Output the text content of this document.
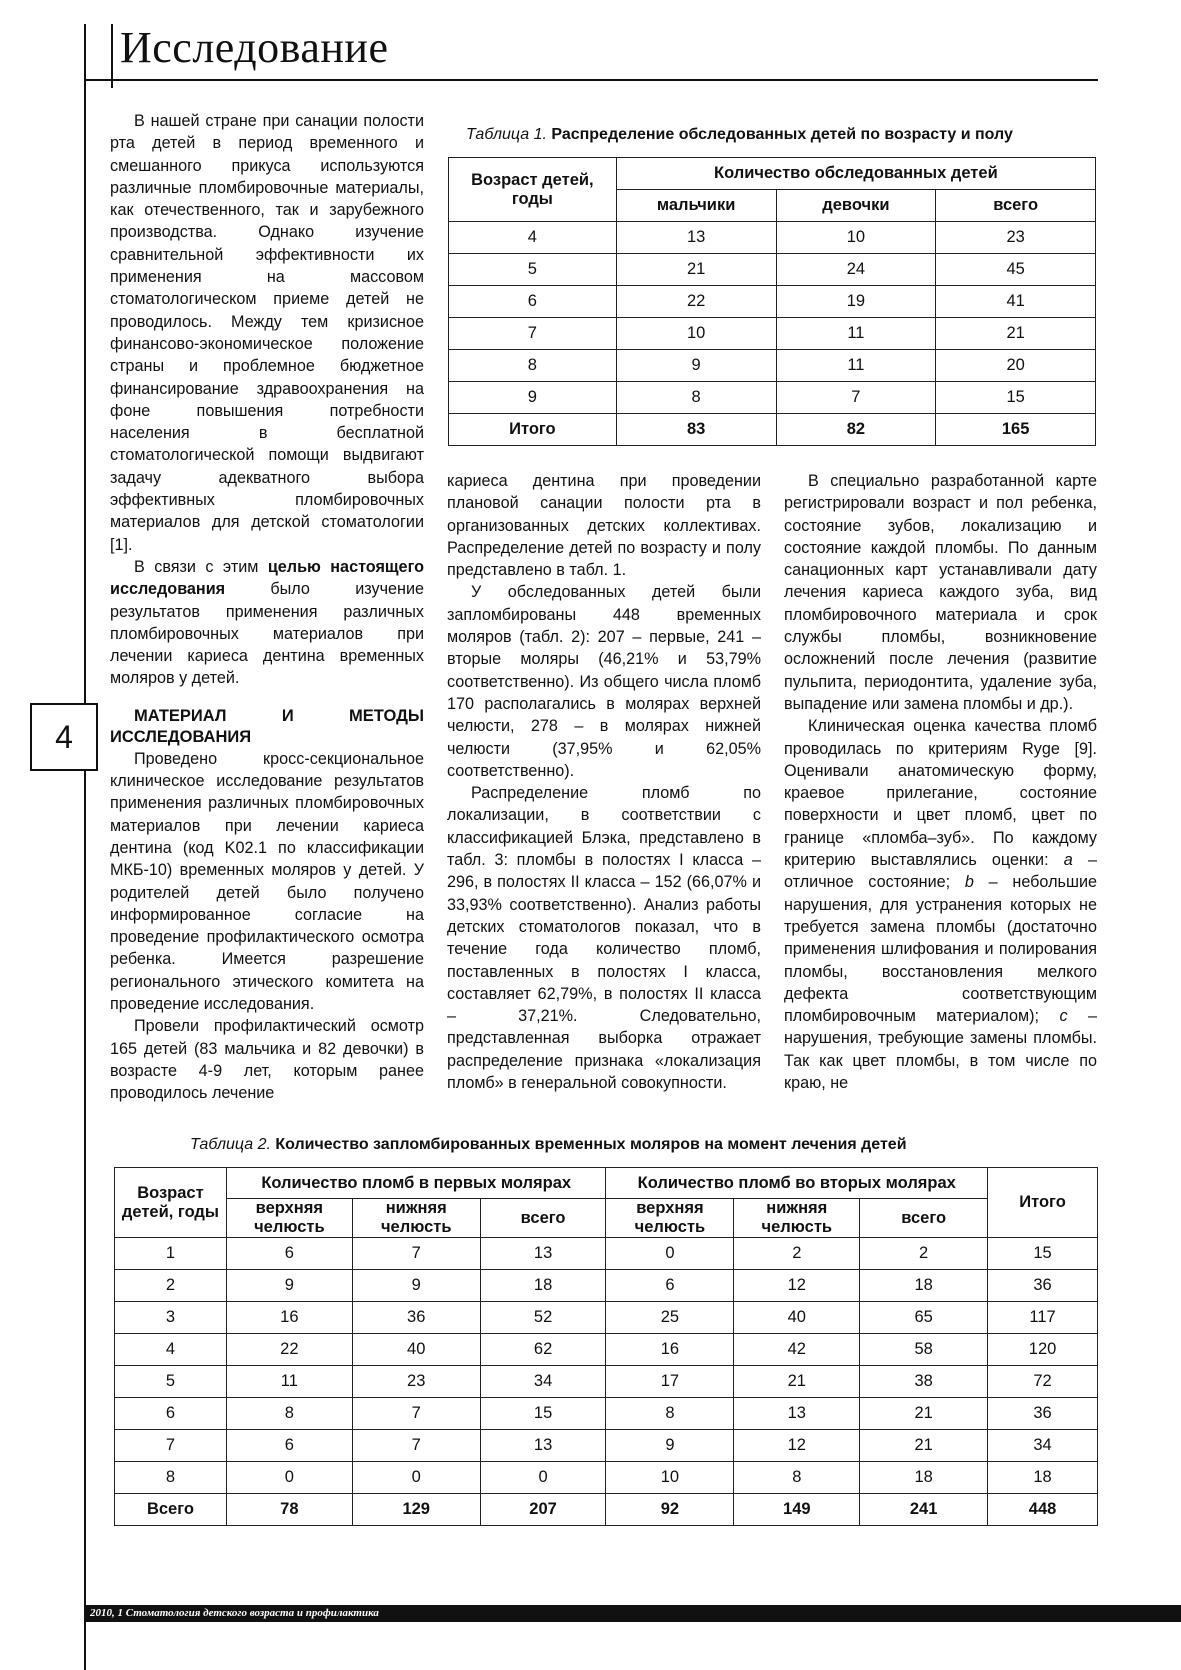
Исследование
4

В нашей стране при санации полости рта детей в период временного и смешанного прикуса используются различные пломбировочные материалы, как отечественного, так и зарубежного производства. Однако изучение сравнительной эффективности их применения на массовом стоматологическом приеме детей не проводилось. Между тем кризисное финансово-экономическое положение страны и проблемное бюджетное финансирование здравоохранения на фоне повышения потребности населения в бесплатной стоматологической помощи выдвигают задачу адекватного выбора эффективных пломбировочных материалов для детской стоматологии [1].

В связи с этим целью настоящего исследования было изучение результатов применения различных пломбировочных материалов при лечении кариеса дентина временных моляров у детей.

МАТЕРИАЛ И МЕТОДЫ ИССЛЕДОВАНИЯ

Проведено кросс-секциональное клиническое исследование результатов применения различных пломбировочных материалов при лечении кариеса дентина (код K02.1 по классификации МКБ-10) временных моляров у детей. У родителей детей было получено информированное согласие на проведение профилактического осмотра ребенка. Имеется разрешение регионального этического комитета на проведение исследования.

Провели профилактический осмотр 165 детей (83 мальчика и 82 девочки) в возрасте 4-9 лет, которым ранее проводилось лечение

кариеса дентина при проведении плановой санации полости рта в организованных детских коллективах. Распределение детей по возрасту и полу представлено в табл. 1.

У обследованных детей были запломбированы 448 временных моляров (табл. 2): 207 – первые, 241 – вторые моляры (46,21% и 53,79% соответственно). Из общего числа пломб 170 располагались в молярах верхней челюсти, 278 – в молярах нижней челюсти (37,95% и 62,05% соответственно).

Распределение пломб по локализации, в соответствии с классификацией Блэка, представлено в табл. 3: пломбы в полостях I класса – 296, в полостях II класса – 152 (66,07% и 33,93% соответственно). Анализ работы детских стоматологов показал, что в течение года количество пломб, поставленных в полостях I класса, составляет 62,79%, в полостях II класса – 37,21%. Следовательно, представленная выборка отражает распределение признака «локализация пломб» в генеральной совокупности.

В специально разработанной карте регистрировали возраст и пол ребенка, состояние зубов, локализацию и состояние каждой пломбы. По данным санационных карт устанавливали дату лечения кариеса каждого зуба, вид пломбировочного материала и срок службы пломбы, возникновение осложнений после лечения (развитие пульпита, периодонтита, удаление зуба, выпадение или замена пломбы и др.).

Клиническая оценка качества пломб проводилась по критериям Ryge [9]. Оценивали анатомическую форму, краевое прилегание, состояние поверхности и цвет пломб, цвет по границе «пломба–зуб». По каждому критерию выставлялись оценки: a – отличное состояние; b – небольшие нарушения, для устранения которых не требуется замена пломбы (достаточно применения шлифования и полирования пломбы, восстановления мелкого дефекта соответствующим пломбировочным материалом); c – нарушения, требующие замены пломбы. Так как цвет пломбы, в том числе по краю, не

Таблица 1. Распределение обследованных детей по возрасту и полу
Возраст детей, годы	Количество обследованных детей		
	мальчики	девочки	всего
4	13	10	23
5	21	24	45
6	22	19	41
7	10	11	21
8	9	11	20
9	8	7	15
Итого	83	82	165
Таблица 2. Количество запломбированных временных моляров на момент лечения детей
Возраст детей, годы	Количество пломб в первых молярах			Количество пломб во вторых молярах			Итого
	верхняя челюсть	нижняя челюсть	всего	верхняя челюсть	нижняя челюсть	всего	
1	6	7	13	0	2	2	15
2	9	9	18	6	12	18	36
3	16	36	52	25	40	65	117
4	22	40	62	16	42	58	120
5	11	23	34	17	21	38	72
6	8	7	15	8	13	21	36
7	6	7	13	9	12	21	34
8	0	0	0	10	8	18	18
Всего	78	129	207	92	149	241	448
2010, 1 Стоматология детского возраста и профилактика
